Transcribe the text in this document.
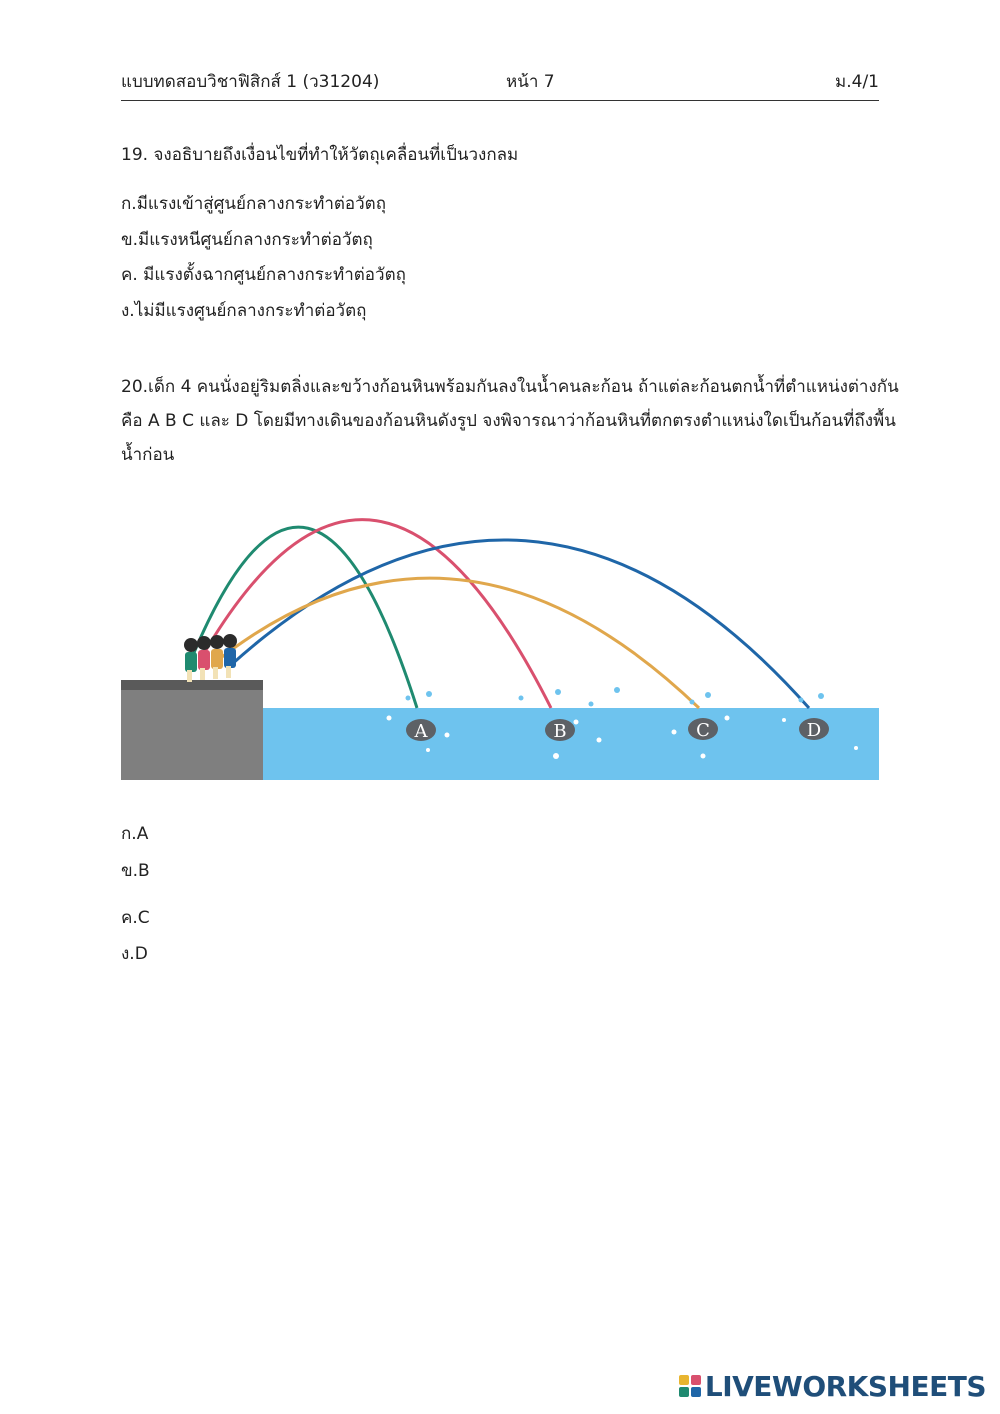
แบบทดสอบวิชาฟิสิกส์ 1 (ว31204)	หน้า 7	ม.4/1
19. จงอธิบายถึงเงื่อนไขที่ทำให้วัตถุเคลื่อนที่เป็นวงกลม
ก.มีแรงเข้าสู่ศูนย์กลางกระทำต่อวัตถุ
ข.มีแรงหนีศูนย์กลางกระทำต่อวัตถุ
ค. มีแรงตั้งฉากศูนย์กลางกระทำต่อวัตถุ
ง.ไม่มีแรงศูนย์กลางกระทำต่อวัตถุ
20.เด็ก 4 คนนั่งอยู่ริมตลิ่งและขว้างก้อนหินพร้อมกันลงในน้ำคนละก้อน ถ้าแต่ละก้อนตกน้ำที่ตำแหน่งต่างกัน
คือ A B C และ D โดยมีทางเดินของก้อนหินดังรูป จงพิจารณาว่าก้อนหินที่ตกตรงตำแหน่งใดเป็นก้อนที่ถึงพื้น
น้ำก่อน
A	B	C	D
ก.A
ข.B
ค.C
ง.D
LIVEWORKSHEETS
